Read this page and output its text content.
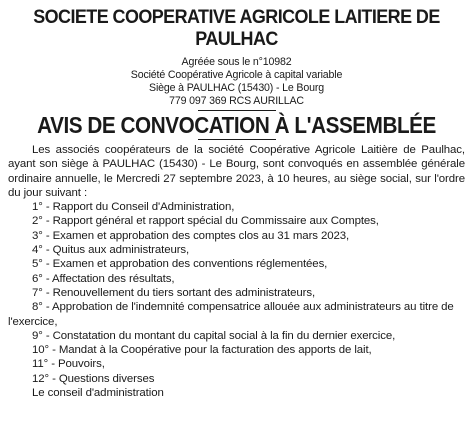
SOCIETE COOPERATIVE AGRICOLE LAITIERE DE
PAULHAC
Agréée sous le n°10982
Société Coopérative Agricole à capital variable
Siège à PAULHAC (15430) - Le Bourg
779 097 369 RCS AURILLAC
AVIS DE CONVOCATION À L'ASSEMBLÉE

Les associés coopérateurs de la société Coopérative Agricole Laitière de Paulhac, ayant son siège à PAULHAC (15430) - Le Bourg, sont convoqués en assemblée générale ordinaire annuelle, le Mercredi 27 septembre 2023, à 10 heures, au siège social, sur l'ordre du jour suivant :

1° - Rapport du Conseil d'Administration,
2° - Rapport général et rapport spécial du Commissaire aux Comptes,
3° - Examen et approbation des comptes clos au 31 mars 2023,
4° - Quitus aux administrateurs,
5° - Examen et approbation des conventions réglementées,
6° - Affectation des résultats,
7° - Renouvellement du tiers sortant des administrateurs,
8° - Approbation de l'indemnité compensatrice allouée aux administrateurs au titre de l'exercice,
9° - Constatation du montant du capital social à la fin du dernier exercice,
10° - Mandat à la Coopérative pour la facturation des apports de lait,
11° - Pouvoirs,
12° - Questions diverses

Le conseil d'administration
